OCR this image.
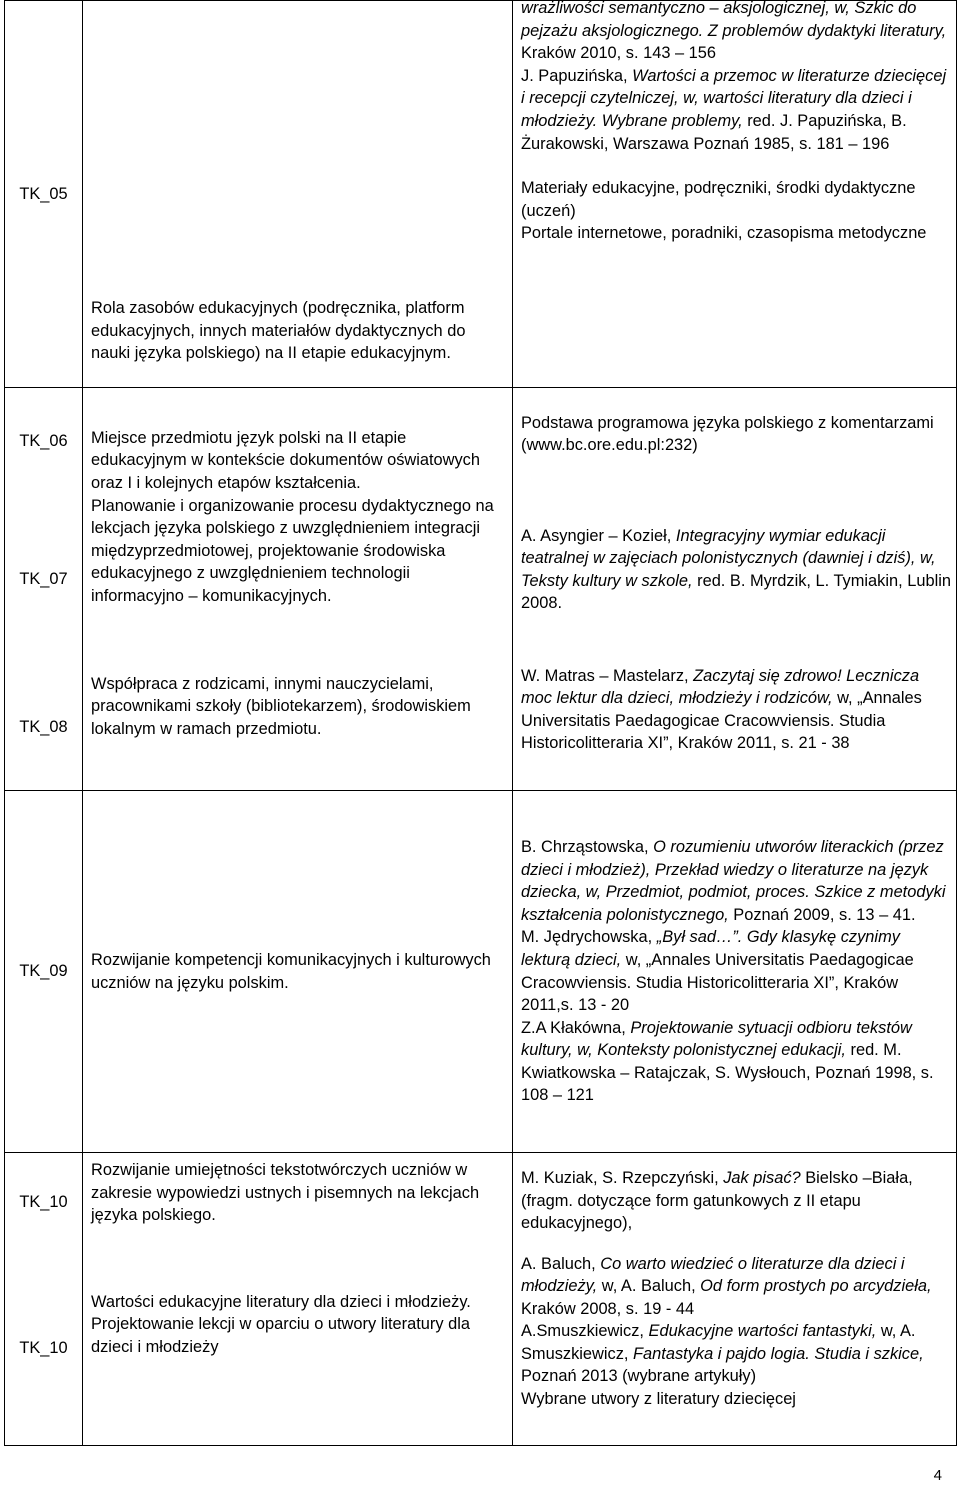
TK_05	Rola zasobów edukacyjnych (podręcznika, platform edukacyjnych, innych materiałów dydaktycznych do nauki języka polskiego) na II etapie edukacyjnym.	wrażliwości semantyczno – aksjologicznej, w, Szkic do pejzażu aksjologicznego. Z problemów dydaktyki literatury, Kraków 2010, s. 143 – 156
J. Papuzińska, Wartości a przemoc w literaturze dziecięcej i recepcji czytelniczej, w, wartości literatury dla dzieci i młodzieży. Wybrane problemy, red. J. Papuzińska, B. Żurakowski, Warszawa Poznań 1985, s. 181 – 196
Materiały edukacyjne, podręczniki, środki dydaktyczne (uczeń)
Portale internetowe, poradniki, czasopisma metodyczne

TK_06	Miejsce przedmiotu język polski na II etapie edukacyjnym w kontekście dokumentów oświatowych oraz I i kolejnych etapów kształcenia.	Podstawa programowa języka polskiego z komentarzami (www.bc.ore.edu.pl:232)

TK_07	Planowanie i organizowanie procesu dydaktycznego na lekcjach języka polskiego z uwzględnieniem integracji międzyprzedmiotowej, projektowanie środowiska edukacyjnego z uwzględnieniem technologii informacyjno – komunikacyjnych.	A. Asyngier – Kozieł, Integracyjny wymiar edukacji teatralnej w zajęciach polonistycznych (dawniej i dziś), w, Teksty kultury w szkole, red. B. Myrdzik, L. Tymiakin, Lublin 2008.

TK_08	Współpraca z rodzicami, innymi nauczycielami, pracownikami szkoły (bibliotekarzem), środowiskiem lokalnym w ramach przedmiotu.	W. Matras – Mastelarz, Zaczytaj się zdrowo! Lecznicza moc lektur dla dzieci, młodzieży i rodziców, w, „Annales Universitatis Paedagogicae Cracowviensis. Studia Historicolitteraria XI”, Kraków 2011, s. 21 - 38

TK_09	Rozwijanie kompetencji komunikacyjnych i kulturowych uczniów na języku polskim.	B. Chrząstowska, O rozumieniu utworów literackich (przez dzieci i młodzież), Przekład wiedzy o literaturze na język dziecka, w, Przedmiot, podmiot, proces. Szkice z metodyki kształcenia polonistycznego, Poznań 2009, s. 13 – 41.
M. Jędrychowska, „Był sad…”. Gdy klasykę czynimy lekturą dzieci, w, „Annales Universitatis Paedagogicae Cracowviensis. Studia Historicolitteraria XI”, Kraków 2011,s. 13 - 20
Z.A Kłakówna, Projektowanie sytuacji odbioru tekstów kultury, w, Konteksty polonistycznej edukacji, red. M. Kwiatkowska – Ratajczak, S. Wysłouch, Poznań 1998, s. 108 – 121

TK_10	Rozwijanie umiejętności tekstotwórczych uczniów w zakresie wypowiedzi ustnych i pisemnych na lekcjach języka polskiego.	M. Kuziak, S. Rzepczyński, Jak pisać? Bielsko –Biała, (fragm. dotyczące form gatunkowych z II etapu edukacyjnego),

TK_10	Wartości edukacyjne literatury dla dzieci i młodzieży. Projektowanie lekcji w oparciu o utwory literatury dla dzieci i młodzieży	A. Baluch, Co warto wiedzieć o literaturze dla dzieci i młodzieży, w, A. Baluch, Od form prostych po arcydzieła, Kraków 2008, s. 19 - 44
A.Smuszkiewicz, Edukacyjne wartości fantastyki, w, A. Smuszkiewicz, Fantastyka i pajdo logia. Studia i szkice, Poznań 2013 (wybrane artykuły)
Wybrane utwory z literatury dziecięcej
4
